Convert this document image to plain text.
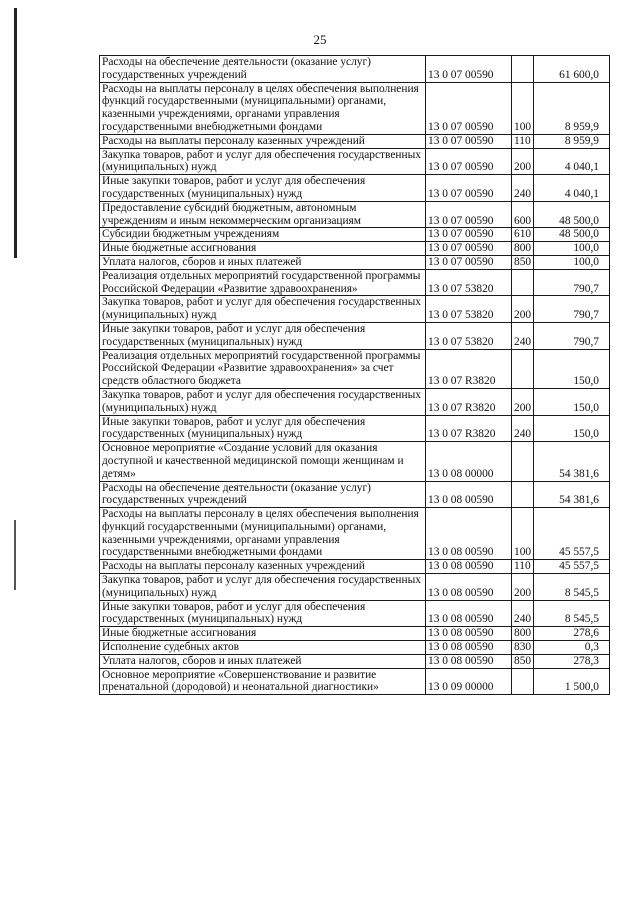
25
Расходы на обеспечение деятельности (оказание услуг) государственных учреждений	13 0 07 00590		61 600,0
Расходы на выплаты персоналу в целях обеспечения выполнения функций государственными (муниципальными) органами, казенными учреждениями, органами управления государственными внебюджетными фондами	13 0 07 00590	100	8 959,9
Расходы на выплаты персоналу казенных учреждений	13 0 07 00590	110	8 959,9
Закупка товаров, работ и услуг для обеспечения государственных (муниципальных) нужд	13 0 07 00590	200	4 040,1
Иные закупки товаров, работ и услуг для обеспечения государственных (муниципальных) нужд	13 0 07 00590	240	4 040,1
Предоставление субсидий бюджетным, автономным учреждениям и иным некоммерческим организациям	13 0 07 00590	600	48 500,0
Субсидии бюджетным учреждениям	13 0 07 00590	610	48 500,0
Иные бюджетные ассигнования	13 0 07 00590	800	100,0
Уплата налогов, сборов и иных платежей	13 0 07 00590	850	100,0
Реализация отдельных мероприятий государственной программы Российской Федерации «Развитие здравоохранения»	13 0 07 53820		790,7
Закупка товаров, работ и услуг для обеспечения государственных (муниципальных) нужд	13 0 07 53820	200	790,7
Иные закупки товаров, работ и услуг для обеспечения государственных (муниципальных) нужд	13 0 07 53820	240	790,7
Реализация отдельных мероприятий государственной программы Российской Федерации «Развитие здравоохранения» за счет средств областного бюджета	13 0 07 R3820		150,0
Закупка товаров, работ и услуг для обеспечения государственных (муниципальных) нужд	13 0 07 R3820	200	150,0
Иные закупки товаров, работ и услуг для обеспечения государственных (муниципальных) нужд	13 0 07 R3820	240	150,0
Основное мероприятие «Создание условий для оказания доступной и качественной медицинской помощи женщинам и детям»	13 0 08 00000		54 381,6
Расходы на обеспечение деятельности (оказание услуг) государственных учреждений	13 0 08 00590		54 381,6
Расходы на выплаты персоналу в целях обеспечения выполнения функций государственными (муниципальными) органами, казенными учреждениями, органами управления государственными внебюджетными фондами	13 0 08 00590	100	45 557,5
Расходы на выплаты персоналу казенных учреждений	13 0 08 00590	110	45 557,5
Закупка товаров, работ и услуг для обеспечения государственных (муниципальных) нужд	13 0 08 00590	200	8 545,5
Иные закупки товаров, работ и услуг для обеспечения государственных (муниципальных) нужд	13 0 08 00590	240	8 545,5
Иные бюджетные ассигнования	13 0 08 00590	800	278,6
Исполнение судебных актов	13 0 08 00590	830	0,3
Уплата налогов, сборов и иных платежей	13 0 08 00590	850	278,3
Основное мероприятие «Совершенствование и развитие пренатальной (дородовой) и неонатальной диагностики»	13 0 09 00000		1 500,0
